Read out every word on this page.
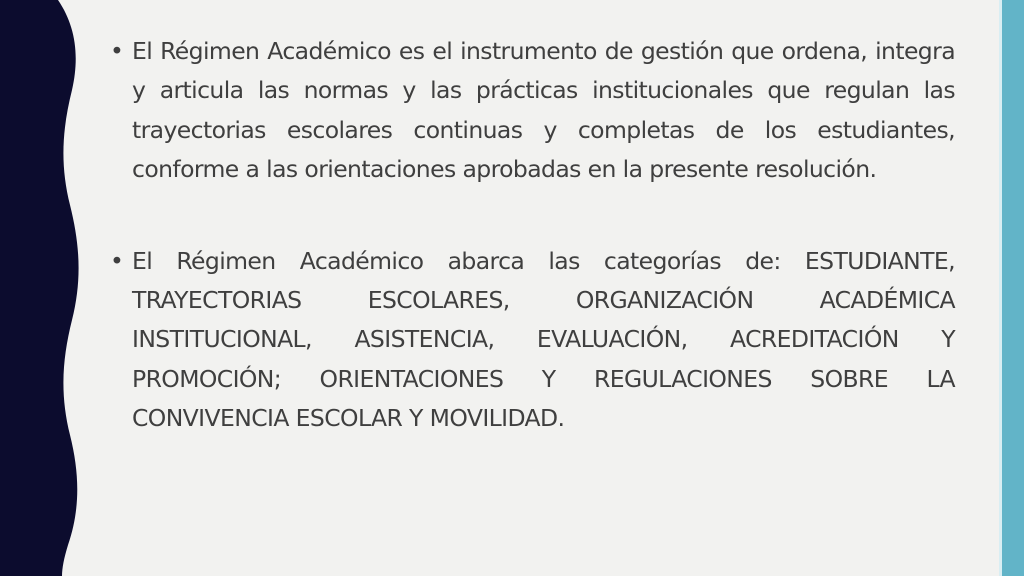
• El Régimen Académico es el instrumento de gestión que ordena, integra y articula las normas y las prácticas institucionales que regulan las trayectorias escolares continuas y completas de los estudiantes, conforme a las orientaciones aprobadas en la presente resolución.

• El Régimen Académico abarca las categorías de: ESTUDIANTE, TRAYECTORIAS ESCOLARES, ORGANIZACIÓN ACADÉMICA INSTITUCIONAL, ASISTENCIA, EVALUACIÓN, ACREDITACIÓN Y PROMOCIÓN; ORIENTACIONES Y REGULACIONES SOBRE LA CONVIVENCIA ESCOLAR Y MOVILIDAD.
